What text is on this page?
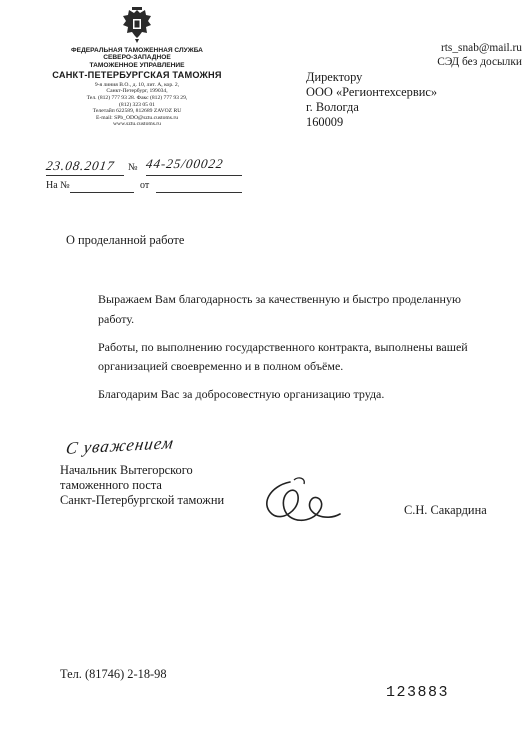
ФЕДЕРАЛЬНАЯ ТАМОЖЕННАЯ СЛУЖБА
СЕВЕРО-ЗАПАДНОЕ
ТАМОЖЕННОЕ УПРАВЛЕНИЕ
САНКТ-ПЕТЕРБУРГСКАЯ ТАМОЖНЯ
9-я линия В.О., д. 10, лит. А, кор. 2,
Санкт-Петербург, 199034,
Тел. (812) 777 93 28. Факс (812) 777 93 29,
(812) 323 05 01
Телетайп 622589, 812689 ZAVOZ RU
E-mail: SPb_ODO@sztu.customs.ru
www.sztu.customs.ru
rts_snab@mail.ru
СЭД без досылки
Директору
ООО «Регионтехсервис»
г. Вологда
160009
23.08.2017 № 44-25/00022
На №	от
О проделанной работе

Выражаем Вам благодарность за качественную и быстро проделанную работу.

Работы, по выполнению государственного контракта, выполнены вашей организацией своевременно и в полном объёме.

Благодарим Вас за добросовестную организацию труда.

С уважением
Начальник Вытегорского
таможенного поста
Санкт-Петербургской таможни
С.Н. Сакардина
Тел. (81746) 2-18-98
123883
